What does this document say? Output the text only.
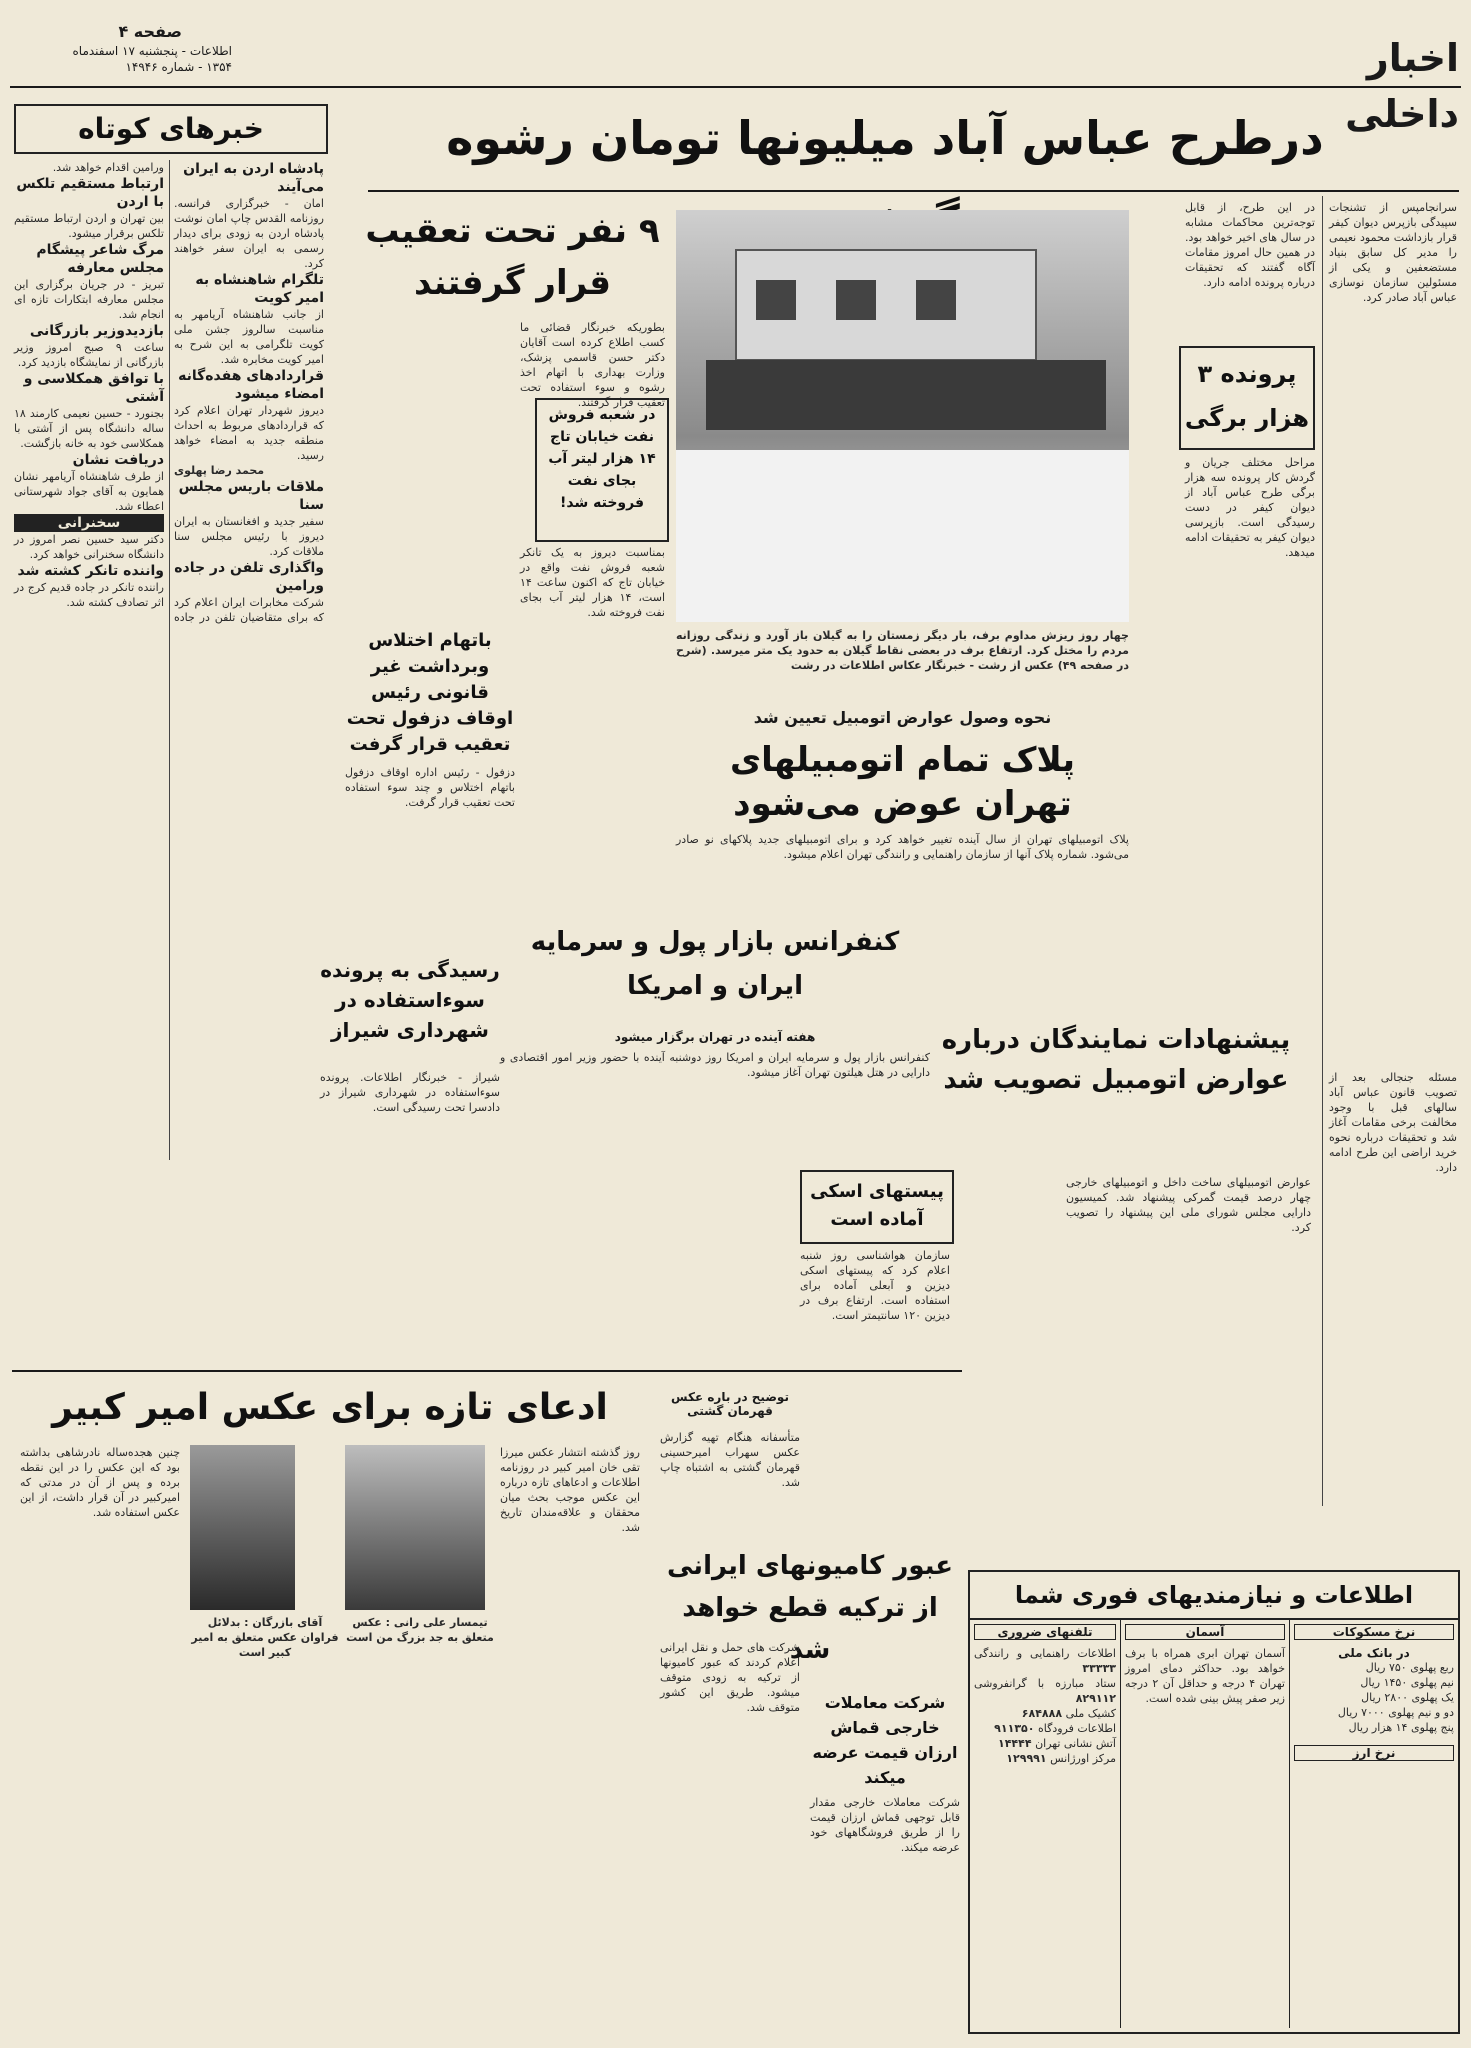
اخبار داخلی
صفحه ۴
اطلاعات - پنجشنبه ۱۷ اسفندماه
۱۳۵۴ - شماره ۱۴۹۴۶
درطرح عباس آباد میلیونها تومان رشوه
سرانجامپس از تشنجات سپیدگی بازپرس دیوان کیفر قرار بازداشت محمود نعیمی را مدیر کل سابق بنیاد مستضعفین و یکی از مسئولین سازمان نوسازی عباس آباد صادر کرد.
در این طرح، از قابل توجه‌ترین محاکمات مشابه در سال های اخیر خواهد بود. در همین حال امروز مقامات آگاه گفتند که تحقیقات درباره پرونده ادامه دارد.
پرونده ۳ هزار برگی
مراحل مختلف جریان و گردش کار پرونده سه هزار برگی طرح عباس آباد از دیوان کیفر در دست رسیدگی است. بازپرسی دیوان کیفر به تحقیقات ادامه میدهد.
پیشنهادات نمایندگان درباره عوارض اتومبیل تصویب شد
عوارض اتومبیلهای ساخت داخل و اتومبیلهای خارجی چهار درصد قیمت گمرکی پیشنهاد شد. کمیسیون دارایی مجلس شورای ملی این پیشنهاد را تصویب کرد.
چهار روز ریزش مداوم برف، بار دیگر زمستان را به گیلان باز آورد و زندگی روزانه مردم را مختل کرد. ارتفاع برف در بعضی نقاط گیلان به حدود یک متر میرسد. (شرح در صفحه ۴۹) عکس از رشت - خبرنگار عکاس اطلاعات در رشت
۹ نفر تحت تعقیب قرار گرفتند
بطوریکه خبرنگار قضائی ما کسب اطلاع کرده است آقایان دکتر حسن قاسمی پزشک، وزارت بهداری با اتهام اخذ رشوه و سوء استفاده تحت تعقیب قرار گرفتند.
در شعبه فروش نفت خیابان تاج ۱۴ هزار لیتر آب بجای نفت فروخته شد!
بمناسبت دیروز به یک تانکر شعبه فروش نفت واقع در خیابان تاج که اکنون ساعت ۱۴ است، ۱۴ هزار لیتر آب بجای نفت فروخته شد.
باتهام اختلاس وبرداشت غیر قانونی رئیس اوقاف دزفول تحت تعقیب قرار گرفت
دزفول - رئیس اداره اوقاف دزفول باتهام اختلاس و چند سوء استفاده تحت تعقیب قرار گرفت.
نحوه وصول عوارض اتومبیل تعیین شد
پلاک تمام اتومبیلهای تهران عوض می‌شود
پلاک اتومبیلهای تهران از سال آینده تغییر خواهد کرد و برای اتومبیلهای جدید پلاکهای نو صادر می‌شود. شماره پلاک آنها از سازمان راهنمایی و رانندگی تهران اعلام میشود.
کنفرانس بازار پول و سرمایه ایران و امریکا
هفته آینده در تهران برگزار میشود
کنفرانس بازار پول و سرمایه ایران و امریکا روز دوشنبه آینده با حضور وزیر امور اقتصادی و دارایی در هتل هیلتون تهران آغاز میشود.
رسیدگی به پرونده سوءاستفاده در شهرداری شیراز
شیراز - خبرنگار اطلاعات. پرونده سوءاستفاده در شهرداری شیراز در دادسرا تحت رسیدگی است.
پیستهای اسکی آماده است
سازمان هواشناسی روز شنبه اعلام کرد که پیستهای اسکی دیزین و آبعلی آماده برای استفاده است. ارتفاع برف در دیزین ۱۲۰ سانتیمتر است.
خبرهای کوتاه
پادشاه اردن به ایران می‌آیند
امان - خبرگزاری فرانسه. روزنامه القدس چاپ امان نوشت پادشاه اردن به زودی برای دیدار رسمی به ایران سفر خواهند کرد.
تلگرام شاهنشاه به امیر کویت
از جانب شاهنشاه آریامهر به مناسبت سالروز جشن ملی کویت تلگرامی به این شرح به امیر کویت مخابره شد.
قراردادهای هفده‌گانه امضاء میشود
دیروز شهردار تهران اعلام کرد که قراردادهای مربوط به احداث منطقه جدید به امضاء خواهد رسید.
محمد رضا پهلوی
ملاقات باریس مجلس سنا
سفیر جدید و افغانستان به ایران دیروز با رئیس مجلس سنا ملاقات کرد.
واگذاری تلفن در جاده ورامین
شرکت مخابرات ایران اعلام کرد که برای متقاضیان تلفن در جاده ورامین اقدام خواهد شد.
ارتباط مستقیم تلکس با اردن
بین تهران و اردن ارتباط مستقیم تلکس برقرار میشود.
مرگ شاعر پیشگام مجلس معارفه
تبریز - در جریان برگزاری این مجلس معارفه ابتکارات تازه ای انجام شد.
بازدیدوزیر بازرگانی
ساعت ۹ صبح امروز وزیر بازرگانی از نمایشگاه بازدید کرد.
با توافق همکلاسی و آشتی
بجنورد - حسین نعیمی کارمند ۱۸ ساله دانشگاه پس از آشتی با همکلاسی خود به خانه بازگشت.
دریافت نشان
از طرف شاهنشاه آریامهر نشان همایون به آقای جواد شهرستانی اعطاء شد.
سخنرانی
دکتر سید حسین نصر امروز در دانشگاه سخنرانی خواهد کرد.
واننده تانکر کشته شد
راننده تانکر در جاده قدیم کرج در اثر تصادف کشته شد.
ادعای تازه برای عکس امیر کبیر
آقای بازرگان : بدلائل فراوان عکس متعلق به امیر کبیر است
تیمسار علی رانی : عکس متعلق به جد بزرگ من است
روز گذشته انتشار عکس میرزا تقی خان امیر کبیر در روزنامه اطلاعات و ادعاهای تازه درباره این عکس موجب بحث میان محققان و علاقه‌مندان تاریخ شد.
چنین هجده‌ساله نادرشاهی بداشته بود که این عکس را در این نقطه برده و پس از آن در مدتی که امیرکبیر در آن قرار داشت، از این عکس استفاده شد.
توضیح در باره عکس قهرمان گشتی
متأسفانه هنگام تهیه گزارش عکس سهراب امیرحسینی قهرمان گشتی به اشتباه چاپ شد.
عبور کامیونهای ایرانی از ترکیه قطع خواهد شد
شرکت های حمل و نقل ایرانی اعلام کردند که عبور کامیونها از ترکیه به زودی متوقف میشود. طریق این کشور متوقف شد.	شرکت معاملات خارجی قماش ارزان قیمت عرضه میکند
شرکت معاملات خارجی مقدار قابل توجهی قماش ارزان قیمت را از طریق فروشگاههای خود عرضه میکند.
اطلاعات و نیازمندیهای فوری شما
نرخ مسکوکات
در بانک ملی
ربع پهلوی ۷۵۰ ریال
نیم پهلوی ۱۴۵۰ ریال
یک پهلوی ۲۸۰۰ ریال
دو و نیم پهلوی ۷۰۰۰ ریال
پنج پهلوی ۱۴ هزار ریال
نرخ ارز
آسمان
آسمان تهران ابری همراه با برف خواهد بود. حداکثر دمای امروز تهران ۴ درجه و حداقل آن ۲ درجه زیر صفر پیش بینی شده است.
تلفنهای ضروری
اطلاعات راهنمایی و رانندگی ۳۳۳۳۳
ستاد مبارزه با گرانفروشی ۸۲۹۱۱۲
کشیک ملی ۶۸۴۸۸۸
اطلاعات فرودگاه ۹۱۱۳۵۰
آتش نشانی تهران ۱۴۴۴۴
مرکز اورژانس ۱۲۹۹۹۱
مسئله جنجالی بعد از تصویب قانون عباس آباد سالهای قبل با وجود مخالفت برخی مقامات آغاز شد و تحقیقات درباره نحوه خرید اراضی این طرح ادامه دارد.
